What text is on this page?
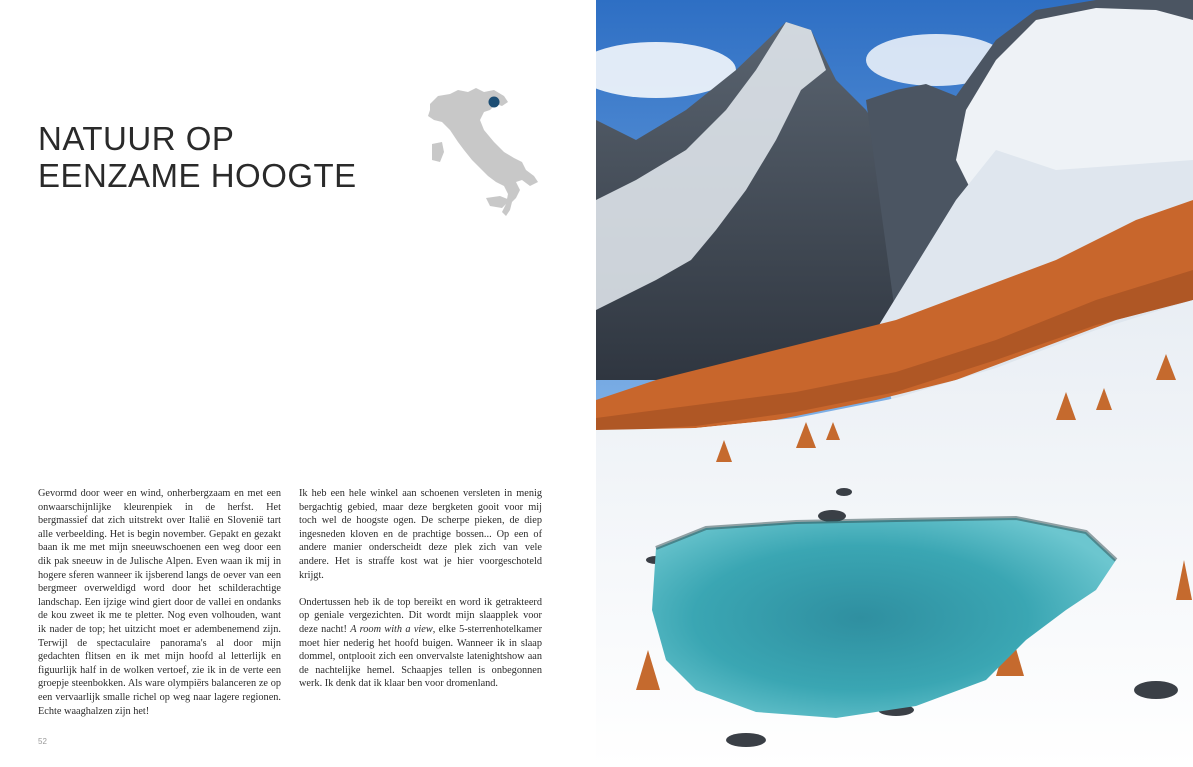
NATUUR OP
EENZAME HOOGTE

Gevormd door weer en wind, onherbergzaam en met een onwaarschijnlijke kleurenpiek in de herfst. Het bergmassief dat zich uitstrekt over Italië en Slovenië tart alle verbeelding. Het is begin november. Gepakt en gezakt baan ik me met mijn sneeuwschoenen een weg door een dik pak sneeuw in de Julische Alpen. Even waan ik mij in hogere sferen wanneer ik ijsberend langs de oever van een bergmeer overweldigd word door het schilderachtige landschap. Een ijzige wind giert door de vallei en ondanks de kou zweet ik me te pletter. Nog even volhouden, want ik nader de top; het uitzicht moet er adembenemend zijn. Terwijl de spectaculaire panorama's al door mijn gedachten flitsen en ik met mijn hoofd al letterlijk en figuurlijk half in de wolken vertoef, zie ik in de verte een groepje steenbokken. Als ware olympiërs balanceren ze op een vervaarlijk smalle richel op weg naar lagere regionen. Echte waaghalzen zijn het!

Ik heb een hele winkel aan schoenen versleten in menig bergachtig gebied, maar deze bergketen gooit voor mij toch wel de hoogste ogen. De scherpe pieken, de diep ingesneden kloven en de prachtige bossen... Op een of andere manier onderscheidt deze plek zich van vele andere. Het is straffe kost wat je hier voorgeschoteld krijgt.

Ondertussen heb ik de top bereikt en word ik getrakteerd op geniale vergezichten. Dit wordt mijn slaapplek voor deze nacht! A room with a view, elke 5-sterrenhotelkamer moet hier nederig het hoofd buigen. Wanneer ik in slaap dommel, ontplooit zich een onvervalste latenightshow aan de nachtelijke hemel. Schaapjes tellen is onbegonnen werk. Ik denk dat ik klaar ben voor dromenland.

52
